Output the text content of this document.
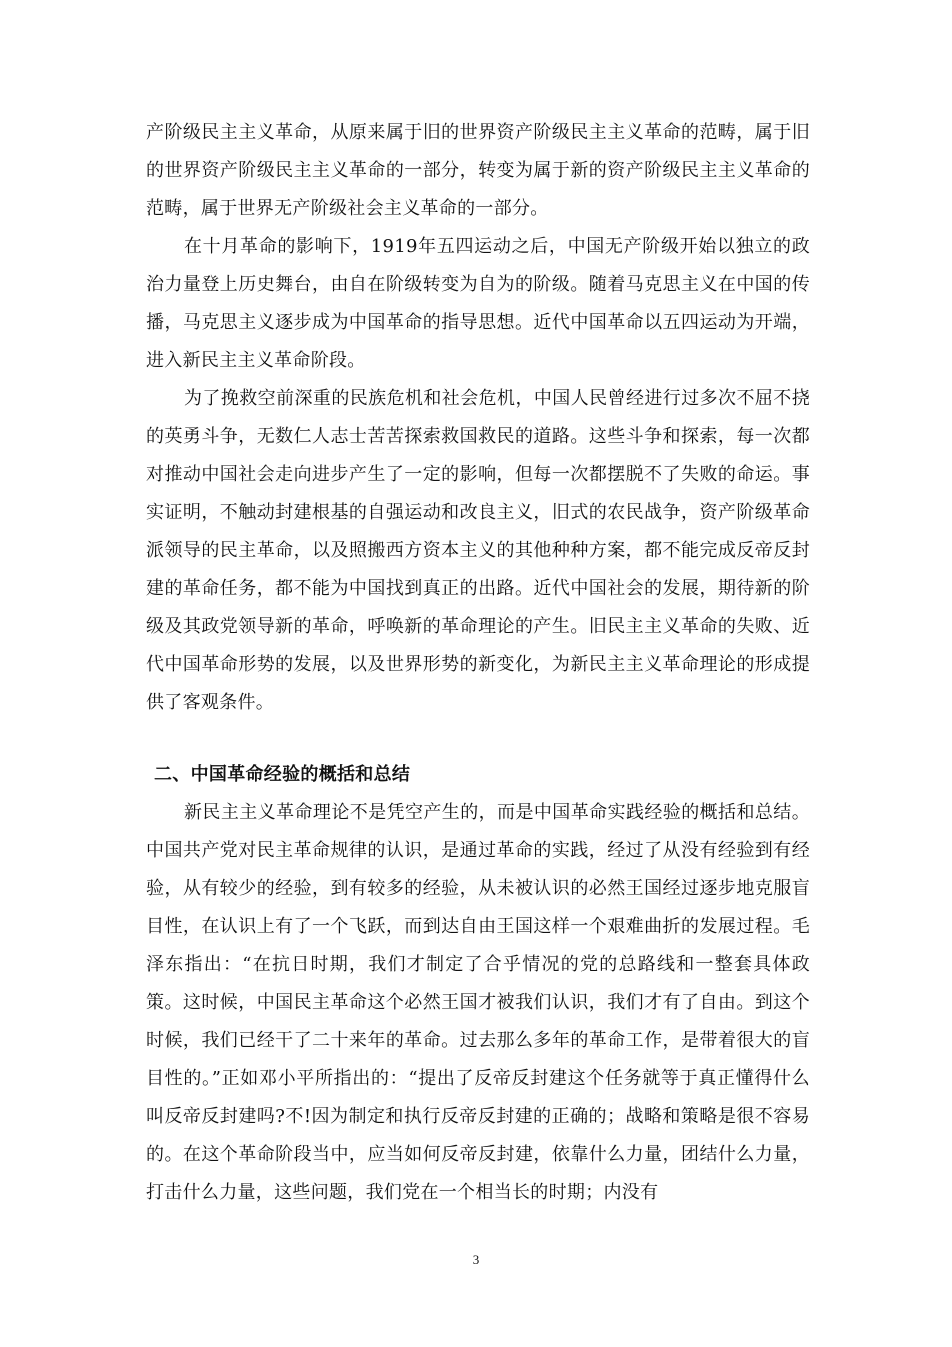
产阶级民主主义革命，从原来属于旧的世界资产阶级民主主义革命的范畴，属于旧的世界资产阶级民主主义革命的一部分，转变为属于新的资产阶级民主主义革命的范畴，属于世界无产阶级社会主义革命的一部分。

在十月革命的影响下，1919年五四运动之后，中国无产阶级开始以独立的政治力量登上历史舞台，由自在阶级转变为自为的阶级。随着马克思主义在中国的传播，马克思主义逐步成为中国革命的指导思想。近代中国革命以五四运动为开端，进入新民主主义革命阶段。

为了挽救空前深重的民族危机和社会危机，中国人民曾经进行过多次不屈不挠的英勇斗争，无数仁人志士苦苦探索救国救民的道路。这些斗争和探索，每一次都对推动中国社会走向进步产生了一定的影响，但每一次都摆脱不了失败的命运。事实证明，不触动封建根基的自强运动和改良主义，旧式的农民战争，资产阶级革命派领导的民主革命，以及照搬西方资本主义的其他种种方案，都不能完成反帝反封建的革命任务，都不能为中国找到真正的出路。近代中国社会的发展，期待新的阶级及其政党领导新的革命，呼唤新的革命理论的产生。旧民主主义革命的失败、近代中国革命形势的发展，以及世界形势的新变化，为新民主主义革命理论的形成提供了客观条件。

二、中国革命经验的概括和总结

新民主主义革命理论不是凭空产生的，而是中国革命实践经验的概括和总结。中国共产党对民主革命规律的认识，是通过革命的实践，经过了从没有经验到有经验，从有较少的经验，到有较多的经验，从未被认识的必然王国经过逐步地克服盲目性，在认识上有了一个飞跃，而到达自由王国这样一个艰难曲折的发展过程。毛泽东指出：“在抗日时期，我们才制定了合乎情况的党的总路线和一整套具体政策。这时候，中国民主革命这个必然王国才被我们认识，我们才有了自由。到这个时候，我们已经干了二十来年的革命。过去那么多年的革命工作，是带着很大的盲目性的。”正如邓小平所指出的：“提出了反帝反封建这个任务就等于真正懂得什么叫反帝反封建吗?不!因为制定和执行反帝反封建的正确的；战略和策略是很不容易的。在这个革命阶段当中，应当如何反帝反封建，依靠什么力量，团结什么力量，打击什么力量，这些问题，我们党在一个相当长的时期；内没有

3
